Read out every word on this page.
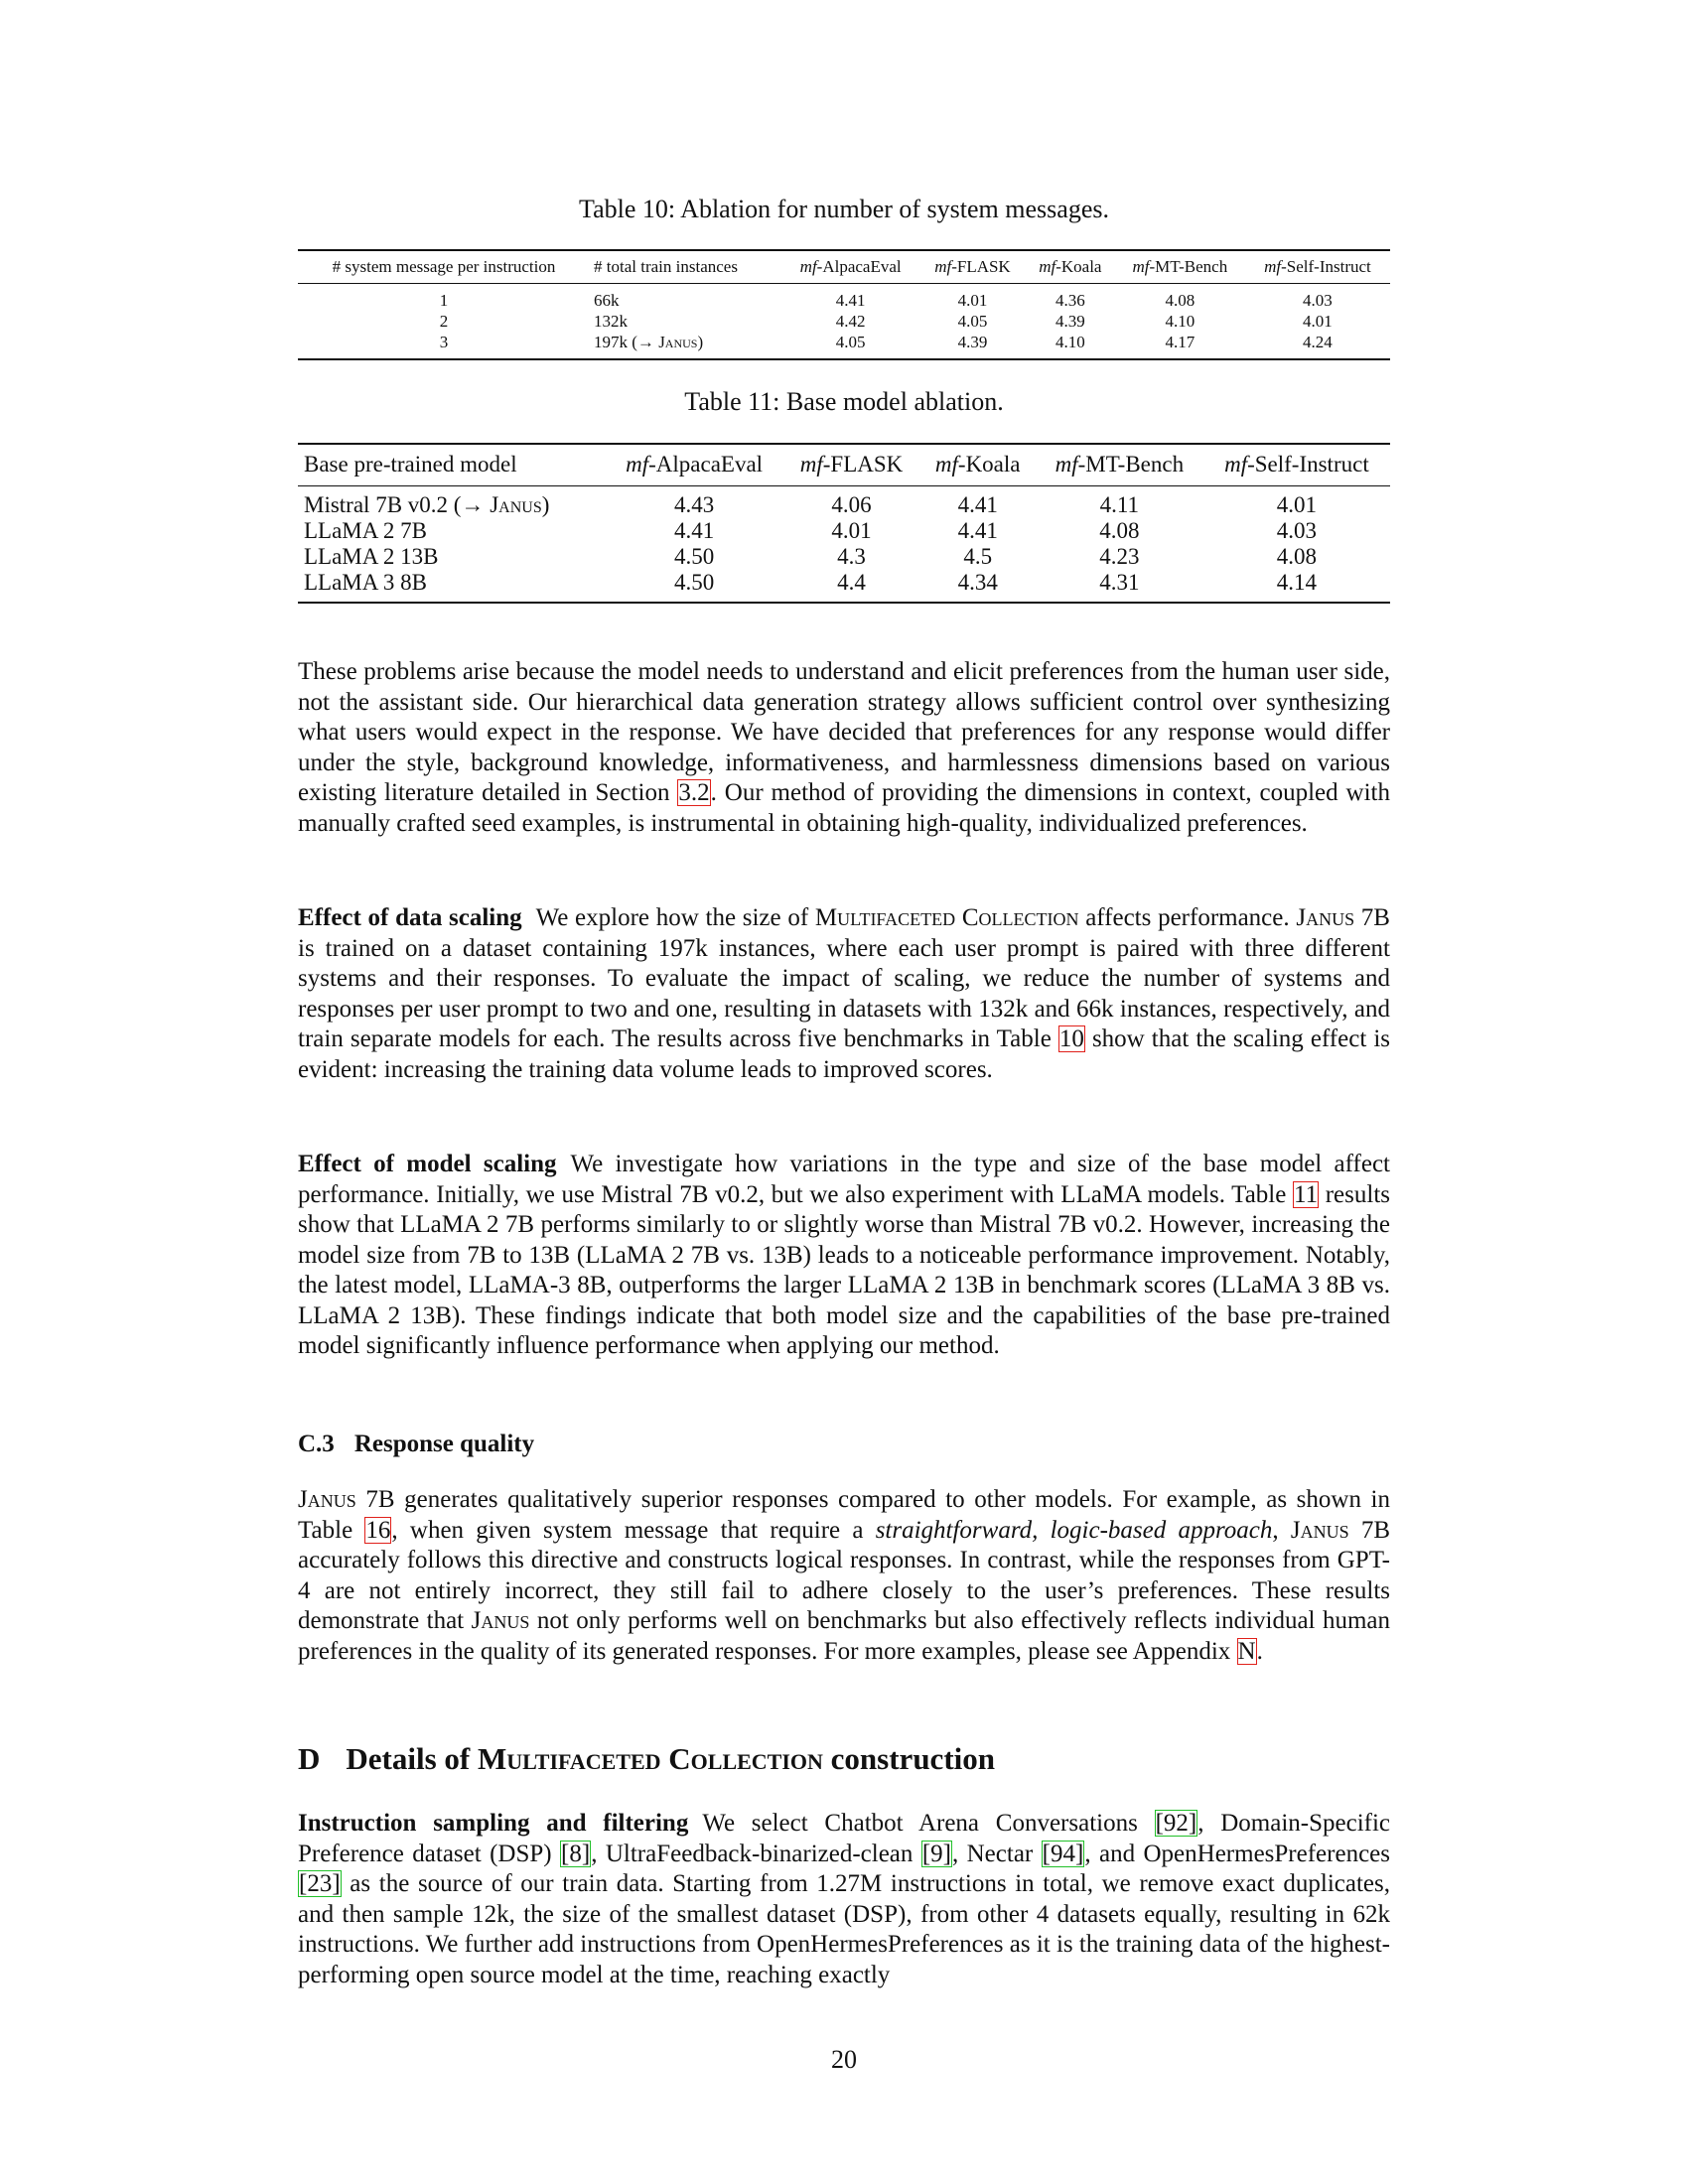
Table 10: Ablation for number of system messages.
# system message per instruction	# total train instances	mf-AlpacaEval	mf-FLASK	mf-Koala	mf-MT-Bench	mf-Self-Instruct
1	66k	4.41	4.01	4.36	4.08	4.03
2	132k	4.42	4.05	4.39	4.10	4.01
3	197k (→ Janus)	4.05	4.39	4.10	4.17	4.24
Table 11: Base model ablation.
Base pre-trained model	mf-AlpacaEval	mf-FLASK	mf-Koala	mf-MT-Bench	mf-Self-Instruct
Mistral 7B v0.2 (→ Janus)	4.43	4.06	4.41	4.11	4.01
LLaMA 2 7B	4.41	4.01	4.41	4.08	4.03
LLaMA 2 13B	4.50	4.3	4.5	4.23	4.08
LLaMA 3 8B	4.50	4.4	4.34	4.31	4.14

These problems arise because the model needs to understand and elicit preferences from the human user side, not the assistant side. Our hierarchical data generation strategy allows sufficient control over synthesizing what users would expect in the response. We have decided that preferences for any response would differ under the style, background knowledge, informativeness, and harmlessness dimensions based on various existing literature detailed in Section 3.2. Our method of providing the dimensions in context, coupled with manually crafted seed examples, is instrumental in obtaining high-quality, individualized preferences.

Effect of data scaling We explore how the size of Multifaceted Collection affects performance. Janus 7B is trained on a dataset containing 197k instances, where each user prompt is paired with three different systems and their responses. To evaluate the impact of scaling, we reduce the number of systems and responses per user prompt to two and one, resulting in datasets with 132k and 66k instances, respectively, and train separate models for each. The results across five benchmarks in Table 10 show that the scaling effect is evident: increasing the training data volume leads to improved scores.

Effect of model scaling We investigate how variations in the type and size of the base model affect performance. Initially, we use Mistral 7B v0.2, but we also experiment with LLaMA models. Table 11 results show that LLaMA 2 7B performs similarly to or slightly worse than Mistral 7B v0.2. However, increasing the model size from 7B to 13B (LLaMA 2 7B vs. 13B) leads to a noticeable performance improvement. Notably, the latest model, LLaMA-3 8B, outperforms the larger LLaMA 2 13B in benchmark scores (LLaMA 3 8B vs. LLaMA 2 13B). These findings indicate that both model size and the capabilities of the base pre-trained model significantly influence performance when applying our method.

C.3 Response quality

Janus 7B generates qualitatively superior responses compared to other models. For example, as shown in Table 16, when given system message that require a straightforward, logic-based approach, Janus 7B accurately follows this directive and constructs logical responses. In contrast, while the responses from GPT-4 are not entirely incorrect, they still fail to adhere closely to the user’s preferences. These results demonstrate that Janus not only performs well on benchmarks but also effectively reflects individual human preferences in the quality of its generated responses. For more examples, please see Appendix N.

D Details of Multifaceted Collection construction

Instruction sampling and filtering We select Chatbot Arena Conversations [92], Domain-Specific Preference dataset (DSP) [8], UltraFeedback-binarized-clean [9], Nectar [94], and OpenHermesPreferences [23] as the source of our train data. Starting from 1.27M instructions in total, we remove exact duplicates, and then sample 12k, the size of the smallest dataset (DSP), from other 4 datasets equally, resulting in 62k instructions. We further add instructions from OpenHermesPreferences as it is the training data of the highest-performing open source model at the time, reaching exactly

20
